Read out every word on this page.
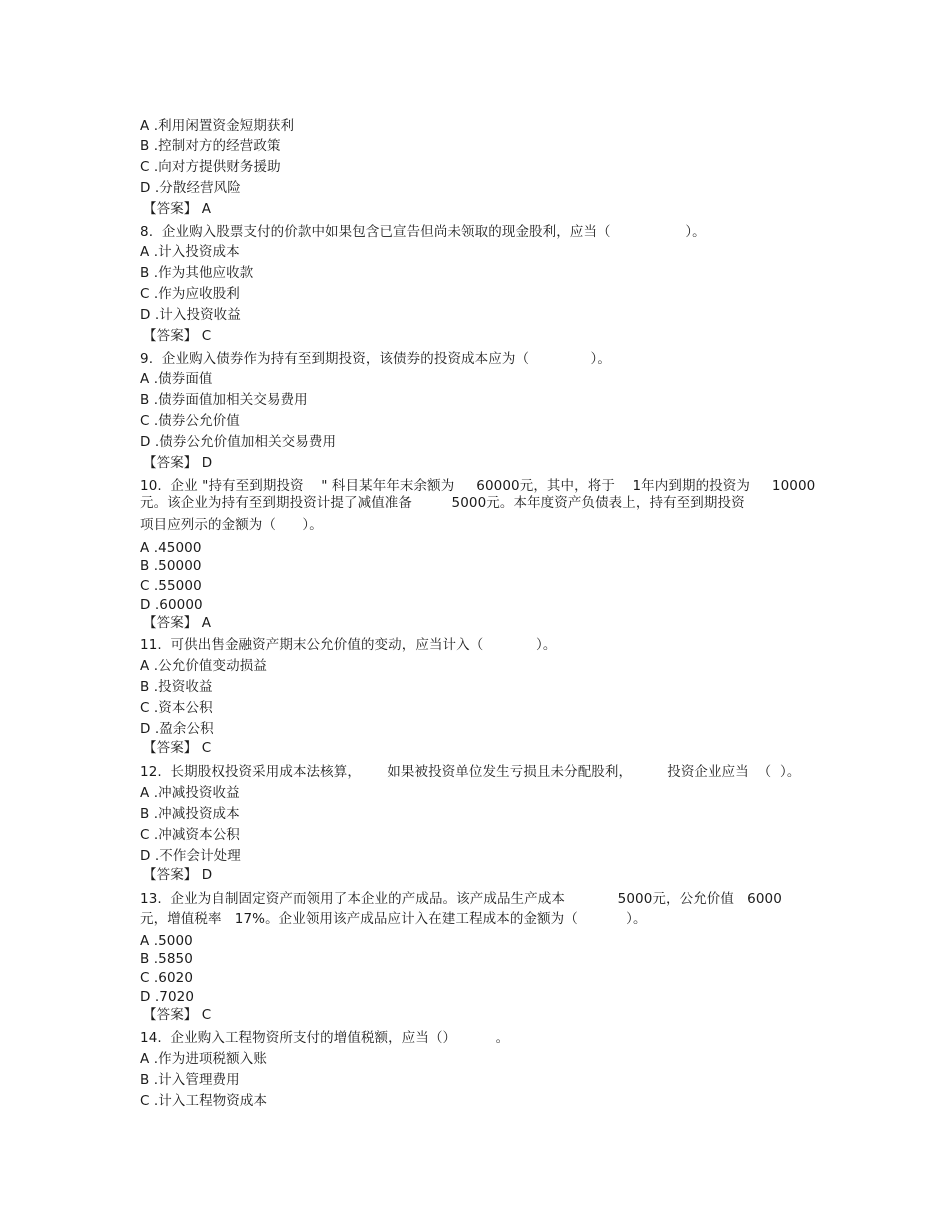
A .利用闲置资金短期获利
B .控制对方的经营政策
C .向对方提供财务援助
D .分散经营风险
【答案】 A
8.  企业购入股票支付的价款中如果包含已宣告但尚未领取的现金股利，应当（                 ）。
A .计入投资成本
B .作为其他应收款
C .作为应收股利
D .计入投资收益
【答案】 C
9.  企业购入债券作为持有至到期投资，该债券的投资成本应为（              ）。
A .债券面值
B .债券面值加相关交易费用
C .债券公允价值
D .债券公允价值加相关交易费用
【答案】 D
10.  企业 "持有至到期投资    " 科目某年年末余额为     60000元，其中，将于    1年内到期的投资为     10000
元。该企业为持有至到期投资计提了减值准备         5000元。本年度资产负债表上，持有至到期投资
项目应列示的金额为（      ）。
A .45000
B .50000
C .55000
D .60000
【答案】 A
11.  可供出售金融资产期末公允价值的变动，应当计入（            ）。
A .公允价值变动损益
B .投资收益
C .资本公积
D .盈余公积
【答案】 C
12.  长期股权投资采用成本法核算，      如果被投资单位发生亏损且未分配股利，        投资企业应当  （  ）。
A .冲减投资收益
B .冲减投资成本
C .冲减资本公积
D .不作会计处理
【答案】 D
13.  企业为自制固定资产而领用了本企业的产成品。该产成品生产成本            5000元，公允价值   6000
元，增值税率   17%。企业领用该产成品应计入在建工程成本的金额为（           ）。
A .5000
B .5850
C .6020
D .7020
【答案】 C
14.  企业购入工程物资所支付的增值税额，应当（）         。
A .作为进项税额入账
B .计入管理费用
C .计入工程物资成本
